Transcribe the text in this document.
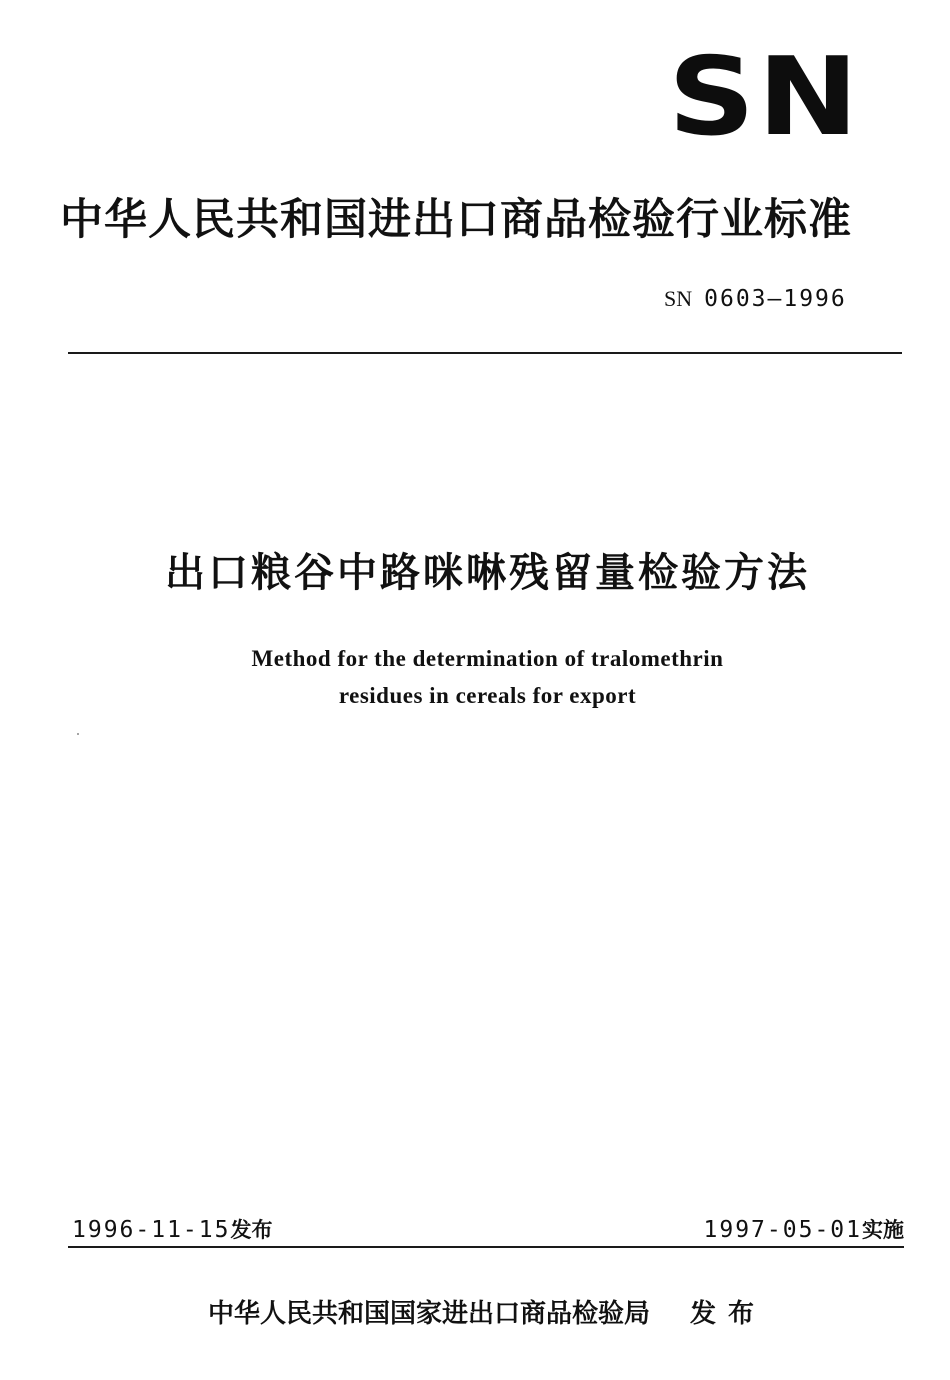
SN
中华人民共和国进出口商品检验行业标准
SN 0603—1996
出口粮谷中路咪啉残留量检验方法
Method for the determination of tralomethrin
residues in cereals for export
1996-11-15发布	1997-05-01实施
中华人民共和国国家进出口商品检验局 发布
